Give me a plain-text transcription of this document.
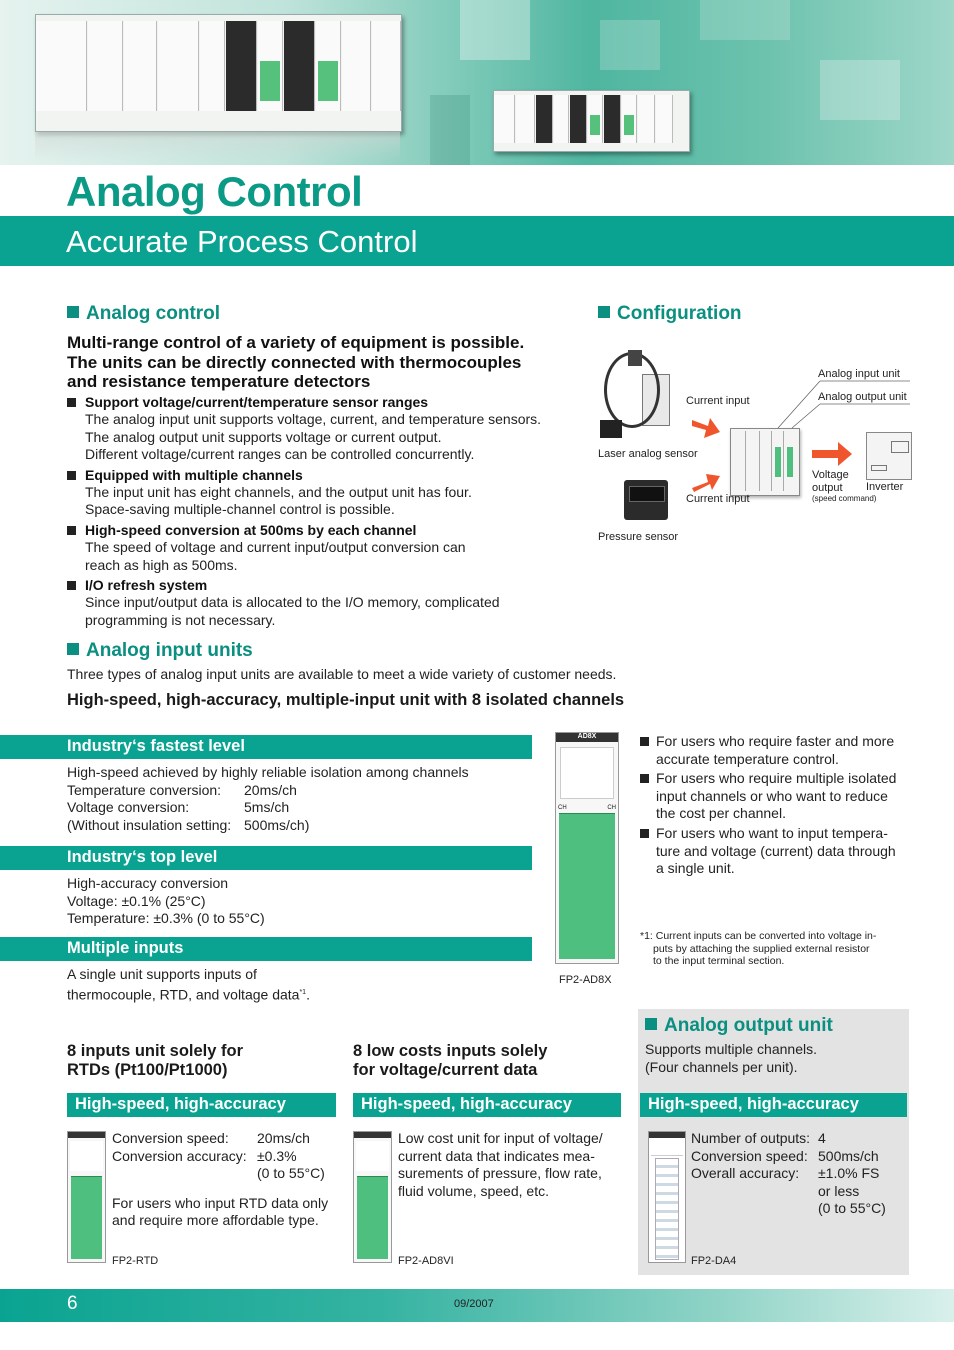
Analog Control
Accurate Process Control
Analog control
Multi-range control of a variety of equipment is possible.
The units can be directly connected with thermocouples
and resistance temperature detectors
Support voltage/current/temperature sensor ranges
The analog input unit supports voltage, current, and temperature sensors.
The analog output unit supports voltage or current output.
Different voltage/current ranges can be controlled concurrently.
Equipped with multiple channels
The input unit has eight channels, and the output unit has four.
Space-saving multiple-channel control is possible.
High-speed conversion at 500ms by each channel
The speed of voltage and current input/output conversion can
reach as high as 500ms.
I/O refresh system
Since input/output data is allocated to the I/O memory, complicated
programming is not necessary.
Configuration
Analog input unit
Analog output unit
Current input
Laser analog sensor
Current input
Pressure sensor
Voltage
output
(speed command)
Inverter
Analog input units
Three types of analog input units are available to meet a wide variety of customer needs.
High-speed, high-accuracy, multiple-input unit with 8 isolated channels
Industry‘s fastest level
High-speed achieved by highly reliable isolation among channels
Temperature conversion:	20ms/ch
Voltage conversion:	5ms/ch
(Without insulation setting: 500ms/ch)
Industry‘s top level
High-accuracy conversion
Voltage: ±0.1% (25°C)
Temperature: ±0.3% (0 to 55°C)
Multiple inputs
A single unit supports inputs of
thermocouple, RTD, and voltage data$^{*1}$.
AD8X
CH	CH
FP2-AD8X
For users who require faster and more
accurate temperature control.
For users who require multiple isolated
input channels or who want to reduce
the cost per channel.
For users who want to input tempera-
ture and voltage (current) data through
a single unit.
*1: Current inputs can be converted into voltage in-
puts by attaching the supplied external resistor
to the input terminal section.
8 inputs unit solely for
RTDs (Pt100/Pt1000)
High-speed, high-accuracy
Conversion speed:	20ms/ch
Conversion accuracy: ±0.3%
(0 to 55°C)
For users who input RTD data only
and require more affordable type.
FP2-RTD
8 low costs inputs solely
for voltage/current data
High-speed, high-accuracy
Low cost unit for input of voltage/
current data that indicates mea-
surements of pressure, flow rate,
fluid volume, speed, etc.
FP2-AD8VI
Analog output unit
Supports multiple channels.
(Four channels per unit).
High-speed, high-accuracy
Number of outputs: 4
Conversion speed: 500ms/ch
Overall accuracy:	±1.0% FS
or less
(0 to 55°C)
FP2-DA4
6	09/2007
